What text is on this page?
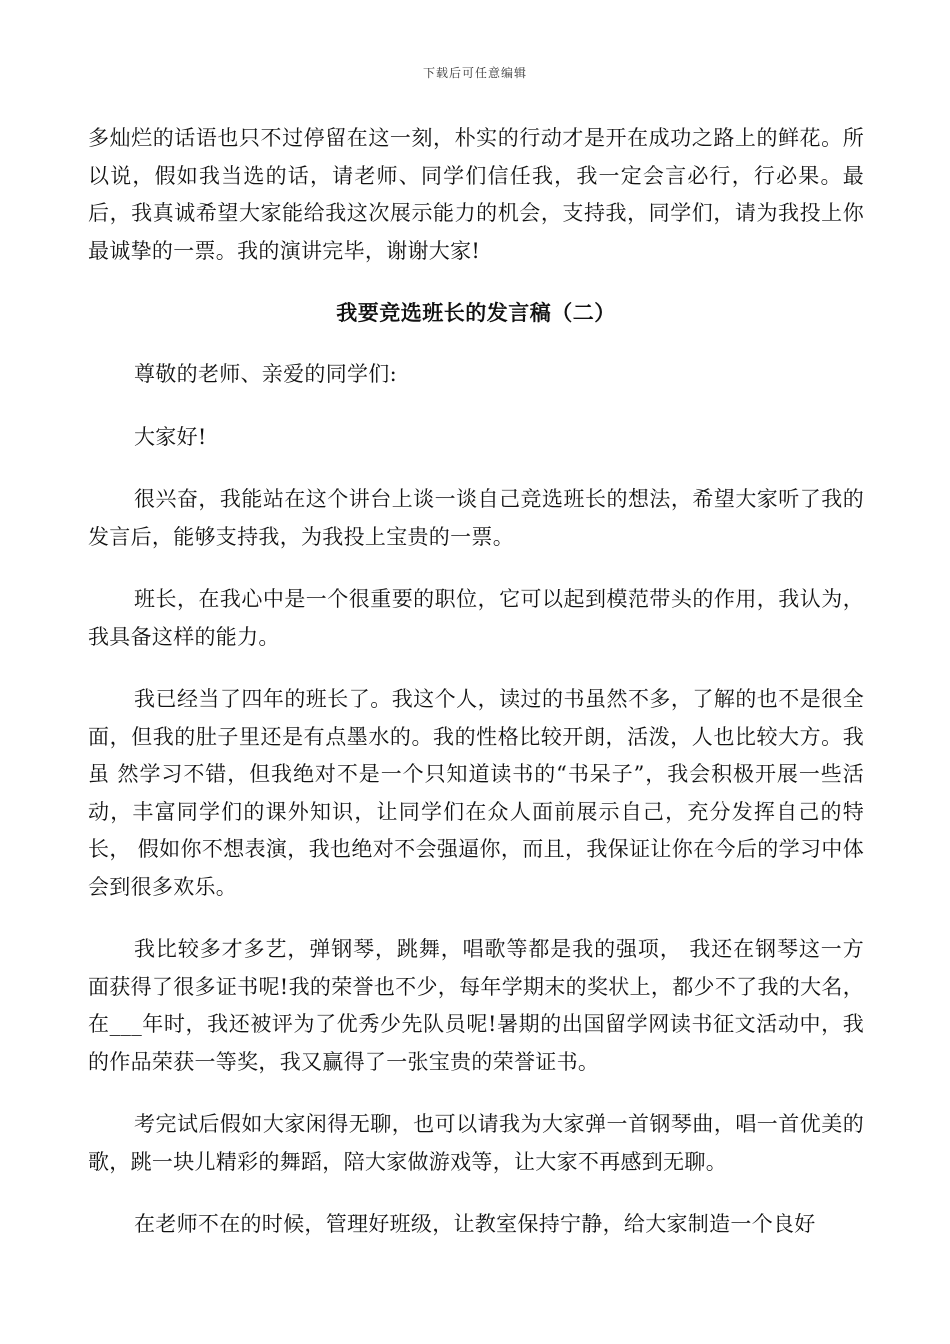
下载后可任意编辑

多灿烂的话语也只不过停留在这一刻，朴实的行动才是开在成功之路上的鲜花。所以说，假如我当选的话，请老师、同学们信任我，我一定会言必行，行必果。最后，我真诚希望大家能给我这次展示能力的机会，支持我，同学们，请为我投上你最诚挚的一票。我的演讲完毕，谢谢大家!

我要竞选班长的发言稿（二）

尊敬的老师、亲爱的同学们:

大家好!

很兴奋，我能站在这个讲台上谈一谈自己竞选班长的想法，希望大家听了我的发言后，能够支持我，为我投上宝贵的一票。

班长，在我心中是一个很重要的职位，它可以起到模范带头的作用，我认为，我具备这样的能力。

我已经当了四年的班长了。我这个人，读过的书虽然不多，了解的也不是很全面，但我的肚子里还是有点墨水的。我的性格比较开朗，活泼，人也比较大方。我虽 然学习不错，但我绝对不是一个只知道读书的“书呆子”，我会积极开展一些活动，丰富同学们的课外知识，让同学们在众人面前展示自己，充分发挥自己的特长， 假如你不想表演，我也绝对不会强逼你，而且，我保证让你在今后的学习中体会到很多欢乐。

我比较多才多艺，弹钢琴，跳舞，唱歌等都是我的强项， 我还在钢琴这一方面获得了很多证书呢!我的荣誉也不少，每年学期末的奖状上，都少不了我的大名，在___年时，我还被评为了优秀少先队员呢!暑期的出国留学网读书征文活动中，我的作品荣获一等奖，我又赢得了一张宝贵的荣誉证书。

考完试后假如大家闲得无聊，也可以请我为大家弹一首钢琴曲，唱一首优美的歌，跳一块儿精彩的舞蹈，陪大家做游戏等，让大家不再感到无聊。

在老师不在的时候，管理好班级，让教室保持宁静，给大家制造一个良好
